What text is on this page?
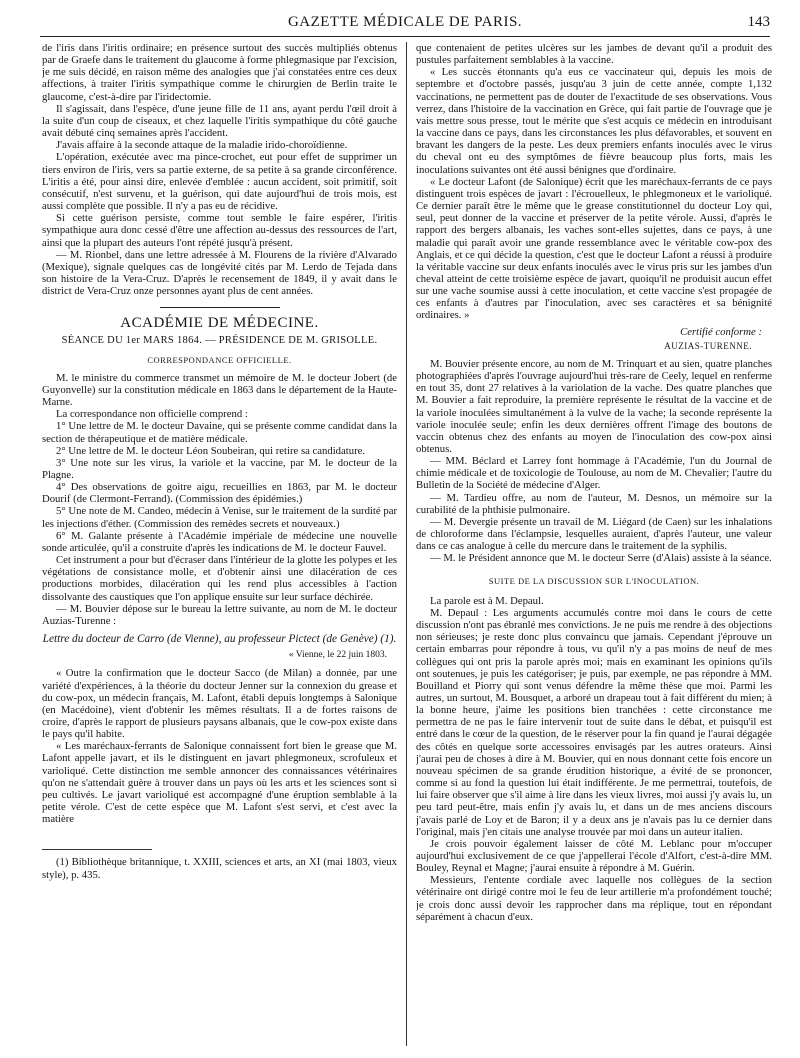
GAZETTE MÉDICALE DE PARIS.	143

de l'iris dans l'iritis ordinaire; en présence surtout des succès multipliés obtenus par de Graefe dans le traitement du glaucome à forme phlegmasique par l'excision, je me suis décidé, en raison même des analogies que j'ai constatées entre ces deux affections, à traiter l'iritis sympathique comme le chirurgien de Berlin traite le glaucome, c'est-à-dire par l'iridectomie.

Il s'agissait, dans l'espèce, d'une jeune fille de 11 ans, ayant perdu l'œil droit à la suite d'un coup de ciseaux, et chez laquelle l'iritis sympathique du côté gauche avait débuté cinq semaines après l'accident.

J'avais affaire à la seconde attaque de la maladie irido-choroïdienne.

L'opération, exécutée avec ma pince-crochet, eut pour effet de supprimer un tiers environ de l'iris, vers sa partie externe, de sa petite à sa grande circonférence. L'iritis a été, pour ainsi dire, enlevée d'emblée : aucun accident, soit primitif, soit consécutif, n'est survenu, et la guérison, qui date aujourd'hui de trois mois, est aussi complète que possible. Il n'y a pas eu de récidive.

Si cette guérison persiste, comme tout semble le faire espérer, l'iritis sympathique aura donc cessé d'être une affection au-dessus des ressources de l'art, ainsi que la plupart des auteurs l'ont répété jusqu'à présent.

— M. Rionbel, dans une lettre adressée à M. Flourens de la rivière d'Alvarado (Mexique), signale quelques cas de longévité cités par M. Lerdo de Tejada dans son histoire de la Vera-Cruz. D'après le recensement de 1849, il y avait dans le district de Vera-Cruz onze personnes ayant plus de cent années.

ACADÉMIE DE MÉDECINE.
SÉANCE DU 1er MARS 1864. — PRÉSIDENCE DE M. GRISOLLE.
CORRESPONDANCE OFFICIELLE.

M. le ministre du commerce transmet un mémoire de M. le docteur Jobert (de Guyonvelle) sur la constitution médicale en 1863 dans le département de la Haute-Marne.

La correspondance non officielle comprend :

1° Une lettre de M. le docteur Davaine, qui se présente comme candidat dans la section de thérapeutique et de matière médicale.

2° Une lettre de M. le docteur Léon Soubeiran, qui retire sa candidature.

3° Une note sur les virus, la variole et la vaccine, par M. le docteur de la Plagne.

4° Des observations de goitre aigu, recueillies en 1863, par M. le docteur Dourif (de Clermont-Ferrand). (Commission des épidémies.)

5° Une note de M. Candeo, médecin à Venise, sur le traitement de la surdité par les injections d'éther. (Commission des remèdes secrets et nouveaux.)

6° M. Galante présente à l'Académie impériale de médecine une nouvelle sonde articulée, qu'il a construite d'après les indications de M. le docteur Fauvel.

Cet instrument a pour but d'écraser dans l'intérieur de la glotte les polypes et les végétations de consistance molle, et d'obtenir ainsi une dilacération de ces productions morbides, dilacération qui les rend plus accessibles à l'action dissolvante des caustiques que l'on applique ensuite sur leur surface déchirée.

— M. Bouvier dépose sur le bureau la lettre suivante, au nom de M. le docteur Auzias-Turenne :

Lettre du docteur de Carro (de Vienne), au professeur Pictect (de Genève) (1).
« Vienne, le 22 juin 1803.

« Outre la confirmation que le docteur Sacco (de Milan) a donnée, par une variété d'expériences, à la théorie du docteur Jenner sur la connexion du grease et du cow-pox, un médecin français, M. Lafont, établi depuis longtemps à Salonique (en Macédoine), vient d'obtenir les mêmes résultats. Il a de fortes raisons de croire, d'après le rapport de plusieurs paysans albanais, que le cow-pox existe dans le pays qu'il habite.

« Les maréchaux-ferrants de Salonique connaissent fort bien le grease que M. Lafont appelle javart, et ils le distinguent en javart phlegmoneux, scrofuleux et varioliqué. Cette distinction me semble annoncer des connaissances vétérinaires qu'on ne s'attendait guère à trouver dans un pays où les arts et les sciences sont si peu cultivés. Le javart varioliqué est accompagné d'une éruption semblable à la petite vérole. C'est de cette espèce que M. Lafont s'est servi, et c'est avec la matière

(1) Bibliothèque britannique, t. XXIII, sciences et arts, an XI (mai 1803, vieux style), p. 435.

que contenaient de petites ulcères sur les jambes de devant qu'il a produit des pustules parfaitement semblables à la vaccine.

« Les succès étonnants qu'a eus ce vaccinateur qui, depuis les mois de septembre et d'octobre passés, jusqu'au 3 juin de cette année, compte 1,132 vaccinations, ne permettent pas de douter de l'exactitude de ses observations. Vous verrez, dans l'histoire de la vaccination en Grèce, qui fait partie de l'ouvrage que je vais mettre sous presse, tout le mérite que s'est acquis ce médecin en introduisant la vaccine dans ce pays, dans les circonstances les plus défavorables, et souvent en bravant les dangers de la peste. Les deux premiers enfants inoculés avec le virus du cheval ont eu des symptômes de fièvre beaucoup plus forts, mais les inoculations suivantes ont été aussi bénignes que d'ordinaire.

« Le docteur Lafont (de Salonique) écrit que les maréchaux-ferrants de ce pays distinguent trois espèces de javart : l'écrouelleux, le phlegmoneux et le varioliqué. Ce dernier paraît être le même que le grease constitutionnel du docteur Loy qui, seul, peut donner de la vaccine et préserver de la petite vérole. Aussi, d'après le rapport des bergers albanais, les vaches sont-elles sujettes, dans ce pays, à une maladie qui paraît avoir une grande ressemblance avec le véritable cow-pox des Anglais, et ce qui décide la question, c'est que le docteur Lafont a réussi à produire la véritable vaccine sur deux enfants inoculés avec le virus pris sur les jambes d'un cheval atteint de cette troisième espèce de javart, quoiqu'il ne produisit aucun effet sur une vache soumise aussi à cette inoculation, et cette vaccine s'est propagée de ces enfants à d'autres par l'inoculation, avec ses caractères et sa bénignité ordinaires. »

Certifié conforme :
AUZIAS-TURENNE.

M. Bouvier présente encore, au nom de M. Trinquart et au sien, quatre planches photographiées d'après l'ouvrage aujourd'hui très-rare de Ceely, lequel en renferme en tout 35, dont 27 relatives à la variolation de la vache. Des quatre planches que M. Bouvier a fait reproduire, la première représente le résultat de la vaccine et de la variole inoculées simultanément à la vulve de la vache; la seconde représente la variole inoculée seule; enfin les deux dernières offrent l'image des boutons de vaccin obtenus chez des enfants au moyen de l'inoculation des cow-pox ainsi obtenus.

— MM. Béclard et Larrey font hommage à l'Académie, l'un du Journal de chimie médicale et de toxicologie de Toulouse, au nom de M. Chevalier; l'autre du Bulletin de la Société de médecine d'Alger.

— M. Tardieu offre, au nom de l'auteur, M. Desnos, un mémoire sur la curabilité de la phthisie pulmonaire.

— M. Devergie présente un travail de M. Liégard (de Caen) sur les inhalations de chloroforme dans l'éclampsie, lesquelles auraient, d'après l'auteur, une valeur dans ce cas analogue à celle du mercure dans le traitement de la syphilis.

— M. le Président annonce que M. le docteur Serre (d'Alais) assiste à la séance.

SUITE DE LA DISCUSSION SUR L'INOCULATION.

La parole est à M. Depaul.

M. Depaul : Les arguments accumulés contre moi dans le cours de cette discussion n'ont pas ébranlé mes convictions. Je ne puis me rendre à des objections non sérieuses; je reste donc plus convaincu que jamais. Cependant j'éprouve un certain embarras pour répondre à tous, vu qu'il n'y a pas moins de neuf de mes collègues qui ont pris la parole après moi; mais en examinant les opinions qu'ils ont soutenues, je puis les catégoriser; je puis, par exemple, ne pas répondre à MM. Bouilland et Piorry qui sont venus défendre la même thèse que moi. Parmi les autres, un surtout, M. Bousquet, a arboré un drapeau tout à fait différent du mien; à la bonne heure, j'aime les positions bien tranchées : cette circonstance me permettra de ne pas le faire intervenir tout de suite dans le débat, et puisqu'il est entré dans le cœur de la question, de le réserver pour la fin quand je l'aurai dégagée des côtés en quelque sorte accessoires envisagés par les autres orateurs. Ainsi j'aurai peu de choses à dire à M. Bouvier, qui en nous donnant cette fois encore un nouveau spécimen de sa grande érudition historique, a évité de se prononcer, comme si au fond la question lui était indifférente. Je me permettrai, toutefois, de lui faire observer que s'il aime à lire dans les vieux livres, moi aussi j'y avais lu, un peu tard peut-être, mais enfin j'y avais lu, et dans un de mes anciens discours j'avais parlé de Loy et de Baron; il y a deux ans je n'avais pas lu ce dernier dans l'original, mais j'en citais une analyse trouvée par moi dans un auteur italien.

Je crois pouvoir également laisser de côté M. Leblanc pour m'occuper aujourd'hui exclusivement de ce que j'appellerai l'école d'Alfort, c'est-à-dire MM. Bouley, Reynal et Magne; j'aurai ensuite à répondre à M. Guérin.

Messieurs, l'entente cordiale avec laquelle nos collègues de la section vétérinaire ont dirigé contre moi le feu de leur artillerie m'a profondément touché; je crois donc aussi devoir les rapprocher dans ma réplique, tout en répondant séparément à chacun d'eux.
